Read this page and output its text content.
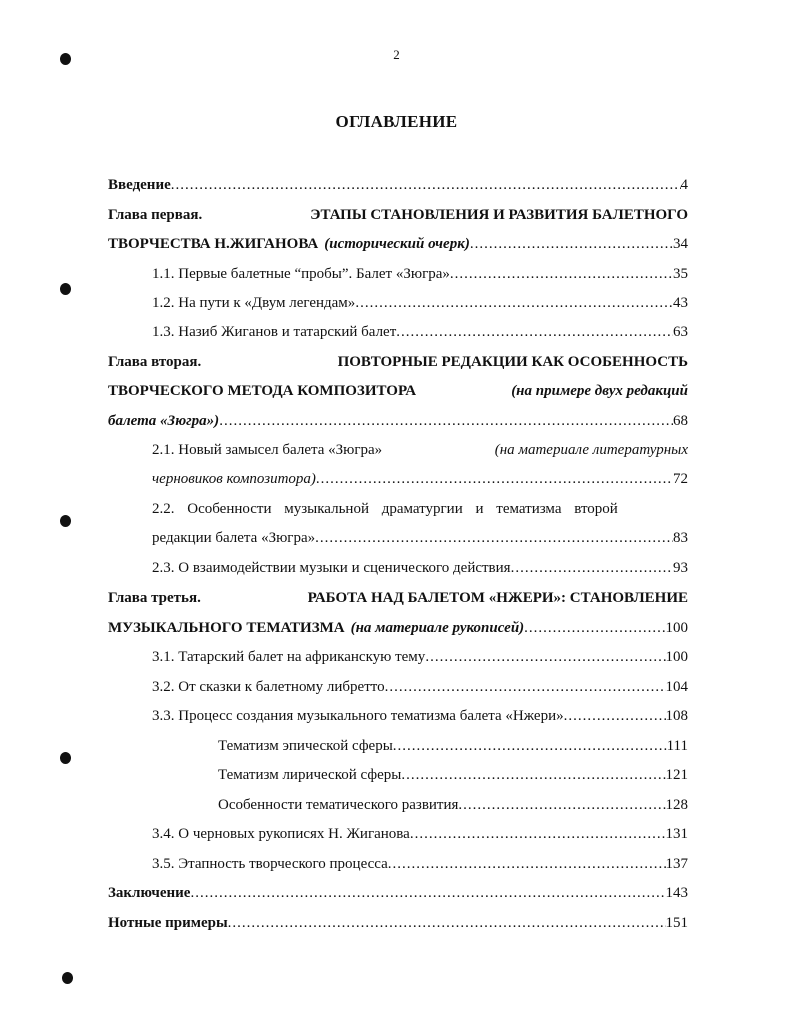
2
ОГЛАВЛЕНИЕ
Введение .....	4
Глава первая.	ЭТАПЫ СТАНОВЛЕНИЯ И РАЗВИТИЯ БАЛЕТНОГО
ТВОРЧЕСТВА Н.ЖИГАНОВА (исторический очерк) .....	34
1.1. Первые балетные “пробы”. Балет «Зюгра» .....	35
1.2. На пути к «Двум легендам» .....	43
1.3. Назиб Жиганов и татарский балет .....	63
Глава вторая.	ПОВТОРНЫЕ РЕДАКЦИИ КАК ОСОБЕННОСТЬ
ТВОРЧЕСКОГО МЕТОДА КОМПОЗИТОРА	(на примере двух редакций
балета «Зюгра») .....	68
2.1. Новый замысел балета «Зюгра»	(на материале литературных
черновиков композитора) .....	72
2.2. Особенности музыкальной драматургии и тематизма второй
редакции балета «Зюгра» .....	83
2.3. О взаимодействии музыки и сценического действия .....	93
Глава третья.	РАБОТА НАД БАЛЕТОМ «НЖЕРИ»: СТАНОВЛЕНИЕ
МУЗЫКАЛЬНОГО ТЕМАТИЗМА (на материале рукописей) .....	100
3.1. Татарский балет на африканскую тему .....	100
3.2. От сказки к балетному либретто .....	104
3.3. Процесс создания музыкального тематизма балета «Нжери» .....	108
Тематизм эпической сферы .....	111
Тематизм лирической сферы .....	121
Особенности тематического развития .....	128
3.4. О черновых рукописях Н. Жиганова .....	131
3.5. Этапность творческого процесса .....	137
Заключение .....	143
Нотные примеры .....	151
